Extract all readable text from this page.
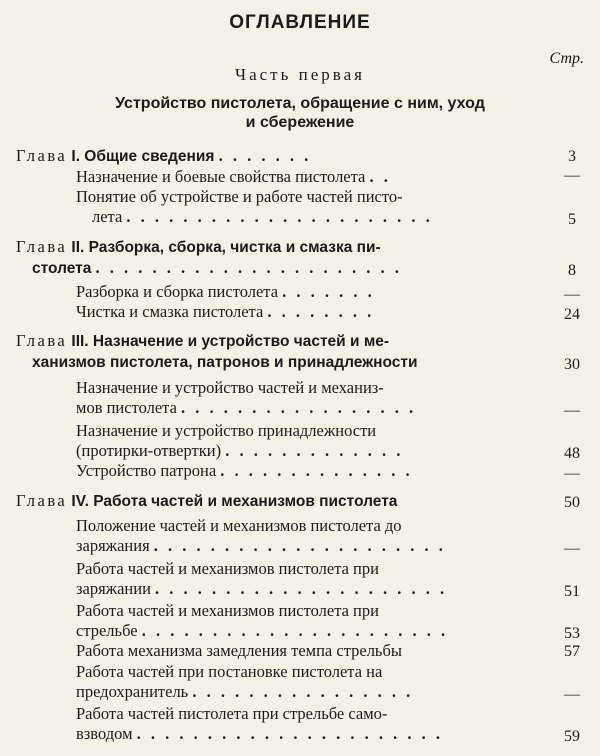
ОГЛАВЛЕНИЕ
Стр.
Часть первая
Устройство пистолета, обращение с ним, уход
и сбережение
Глава I. Общие сведения . . . . . . .	3
Назначение и боевые свойства пистолета . .	—
Понятие об устройстве и работе частей писто-
лета . . . . . . . . . . . . . . . . . . . . . .	5
Глава II. Разборка, сборка, чистка и смазка пи-
столета . . . . . . . . . . . . . . . . . . . . . .	8
Разборка и сборка пистолета . . . . . . .	—
Чистка и смазка пистолета . . . . . . . .	24
Глава III. Назначение и устройство частей и ме-
ханизмов пистолета, патронов и принадлежности	30
Назначение и устройство частей и механиз-
мов пистолета . . . . . . . . . . . . . . . . .	—
Назначение и устройство принадлежности
(протирки-отвертки) . . . . . . . . . . . . .	48
Устройство патрона . . . . . . . . . . . . . .	—
Глава IV. Работа частей и механизмов пистолета	50
Положение частей и механизмов пистолета до
заряжания . . . . . . . . . . . . . . . . . . . . .	—
Работа частей и механизмов пистолета при
заряжании . . . . . . . . . . . . . . . . . . . . .	51
Работа частей и механизмов пистолета при
стрельбе . . . . . . . . . . . . . . . . . . . . . .	53
Работа механизма замедления темпа стрельбы	57
Работа частей при постановке пистолета на
предохранитель . . . . . . . . . . . . . . . .	—
Работа частей пистолета при стрельбе само-
взводом . . . . . . . . . . . . . . . . . . . . . .	59
